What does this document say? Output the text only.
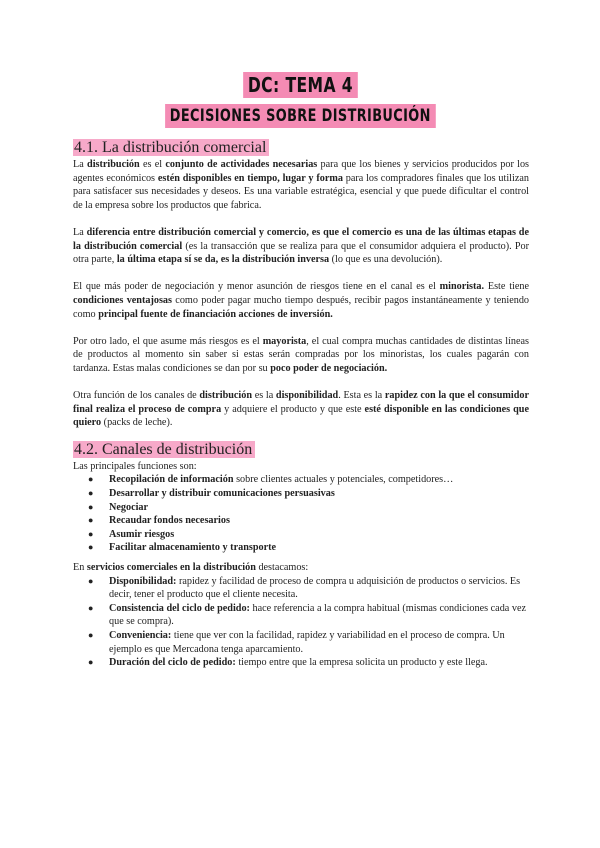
DC: TEMA 4
DECISIONES SOBRE DISTRIBUCIÓN
4.1. La distribución comercial

La distribución es el conjunto de actividades necesarias para que los bienes y servicios producidos por los agentes económicos estén disponibles en tiempo, lugar y forma para los compradores finales que los utilizan para satisfacer sus necesidades y deseos. Es una variable estratégica, esencial y que puede dificultar el control de la empresa sobre los productos que fabrica.

La diferencia entre distribución comercial y comercio, es que el comercio es una de las últimas etapas de la distribución comercial (es la transacción que se realiza para que el consumidor adquiera el producto). Por otra parte, la última etapa sí se da, es la distribución inversa (lo que es una devolución).

El que más poder de negociación y menor asunción de riesgos tiene en el canal es el minorista. Este tiene condiciones ventajosas como poder pagar mucho tiempo después, recibir pagos instantáneamente y teniendo como principal fuente de financiación acciones de inversión.

Por otro lado, el que asume más riesgos es el mayorista, el cual compra muchas cantidades de distintas líneas de productos al momento sin saber si estas serán compradas por los minoristas, los cuales pagarán con tardanza. Estas malas condiciones se dan por su poco poder de negociación.

Otra función de los canales de distribución es la disponibilidad. Esta es la rapidez con la que el consumidor final realiza el proceso de compra y adquiere el producto y que este esté disponible en las condiciones que quiero (packs de leche).

4.2. Canales de distribución

Las principales funciones son:

● Recopilación de información sobre clientes actuales y potenciales, competidores…
● Desarrollar y distribuir comunicaciones persuasivas
● Negociar
● Recaudar fondos necesarios
● Asumir riesgos
● Facilitar almacenamiento y transporte

En servicios comerciales en la distribución destacamos:

● Disponibilidad: rapidez y facilidad de proceso de compra u adquisición de productos o servicios. Es decir, tener el producto que el cliente necesita.
● Consistencia del ciclo de pedido: hace referencia a la compra habitual (mismas condiciones cada vez que se compra).
● Conveniencia: tiene que ver con la facilidad, rapidez y variabilidad en el proceso de compra. Un ejemplo es que Mercadona tenga aparcamiento.
● Duración del ciclo de pedido: tiempo entre que la empresa solicita un producto y este llega.
